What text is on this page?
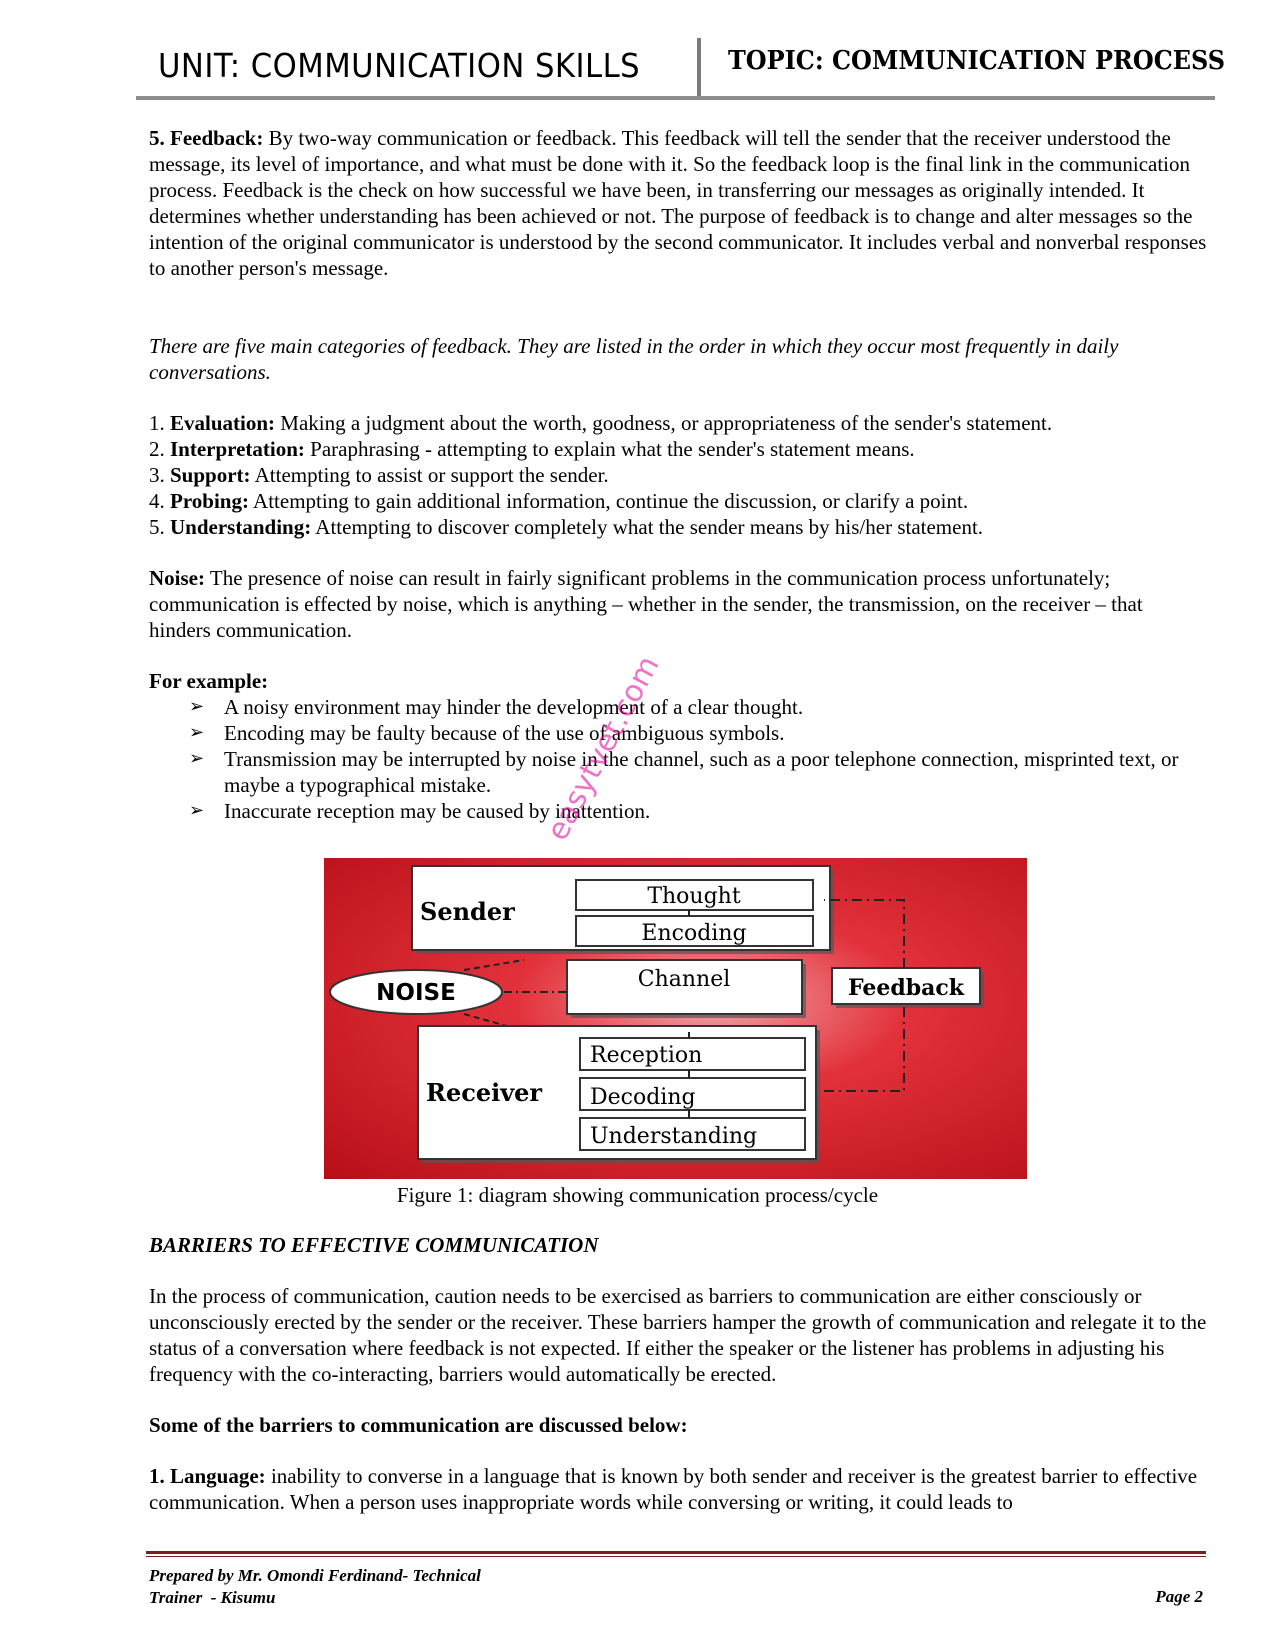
UNIT: COMMUNICATION SKILLS	TOPIC: COMMUNICATION PROCESS

5. Feedback: By two-way communication or feedback. This feedback will tell the sender that the receiver understood the message, its level of importance, and what must be done with it. So the feedback loop is the final link in the communication process. Feedback is the check on how successful we have been, in transferring our messages as originally intended. It determines whether understanding has been achieved or not. The purpose of feedback is to change and alter messages so the intention of the original communicator is understood by the second communicator. It includes verbal and nonverbal responses to another person's message.

There are five main categories of feedback. They are listed in the order in which they occur most frequently in daily conversations.
1. Evaluation: Making a judgment about the worth, goodness, or appropriateness of the sender's statement.
2. Interpretation: Paraphrasing - attempting to explain what the sender's statement means.
3. Support: Attempting to assist or support the sender.
4. Probing: Attempting to gain additional information, continue the discussion, or clarify a point.
5. Understanding: Attempting to discover completely what the sender means by his/her statement.

Noise: The presence of noise can result in fairly significant problems in the communication process unfortunately; communication is effected by noise, which is anything – whether in the sender, the transmission, on the receiver – that hinders communication.

For example:
➢ A noisy environment may hinder the development of a clear thought.
➢ Encoding may be faulty because of the use of ambiguous symbols.
➢ Transmission may be interrupted by noise in the channel, such as a poor telephone connection, misprinted text, or maybe a typographical mistake.
➢ Inaccurate reception may be caused by inattention.
Sender
Thought
Encoding
Channel
NOISE	Feedback
Receiver
Reception
Decoding
Understanding
easytvet.com
Figure 1: diagram showing communication process/cycle
BARRIERS TO EFFECTIVE COMMUNICATION
In the process of communication, caution needs to be exercised as barriers to communication are either consciously or unconsciously erected by the sender or the receiver. These barriers hamper the growth of communication and relegate it to the status of a conversation where feedback is not expected. If either the speaker or the listener has problems in adjusting his frequency with the co-interacting, barriers would automatically be erected.
Some of the barriers to communication are discussed below:

1. Language: inability to converse in a language that is known by both sender and receiver is the greatest barrier to effective communication. When a person uses inappropriate words while conversing or writing, it could leads to

Prepared by Mr. Omondi Ferdinand- Technical
Trainer  - Kisumu	Page 2
